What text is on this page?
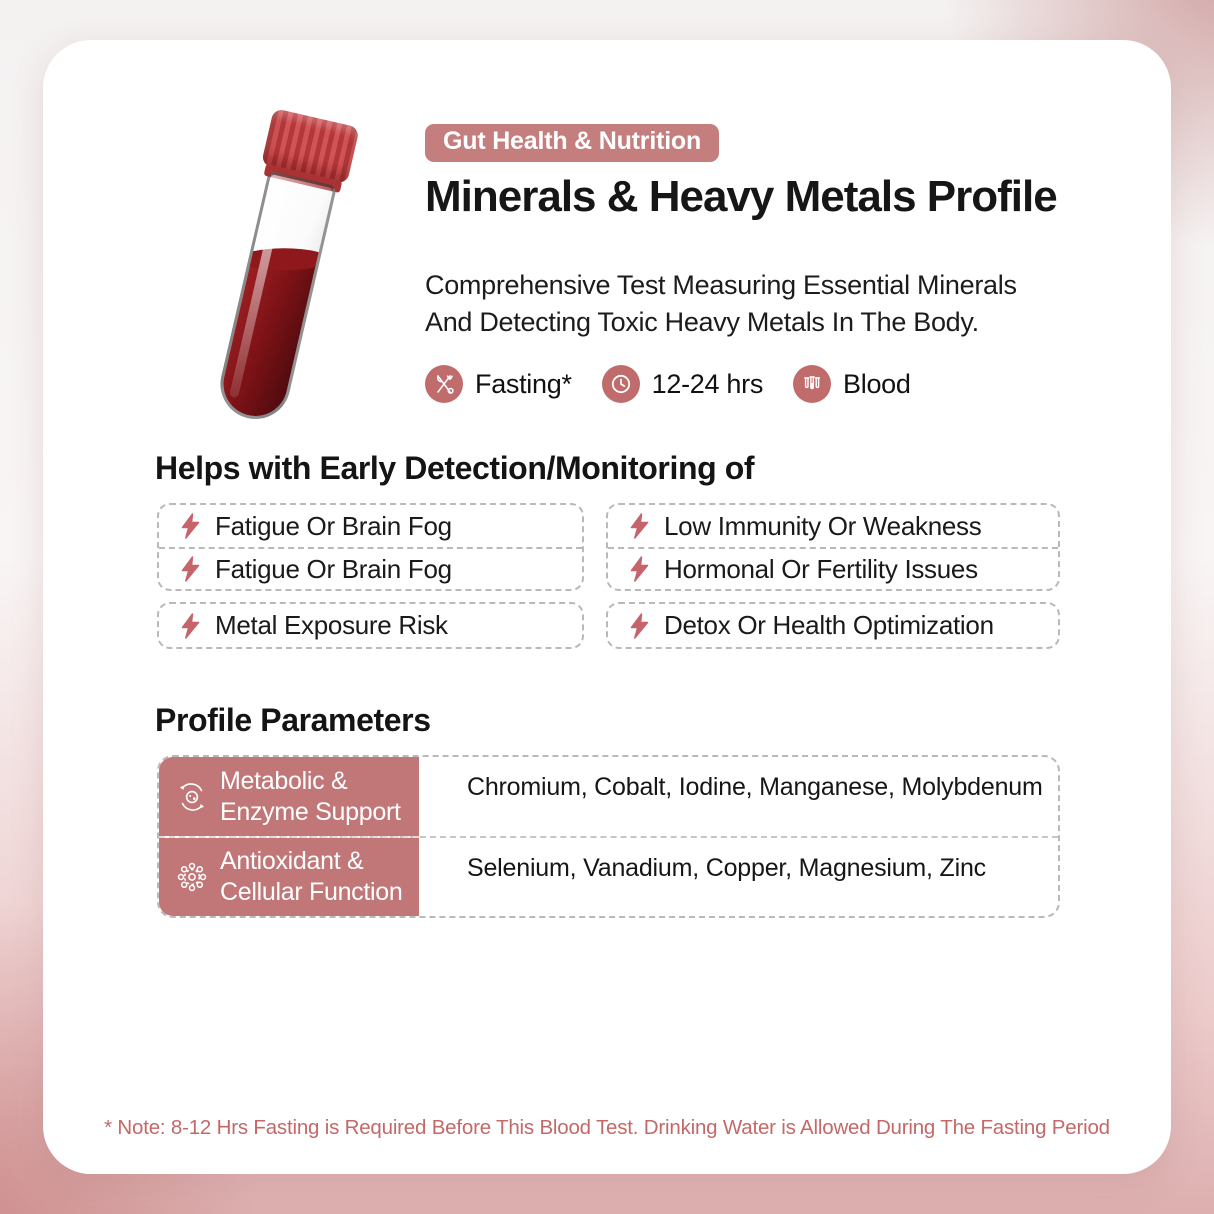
Gut Health & Nutrition
Minerals & Heavy Metals Profile
Comprehensive Test Measuring Essential Minerals
And Detecting Toxic Heavy Metals In The Body.
Fasting*	12-24 hrs	Blood
Helps with Early Detection/Monitoring of
Fatigue Or Brain Fog
Fatigue Or Brain Fog
Metal Exposure Risk
Low Immunity Or Weakness
Hormonal Or Fertility Issues
Detox Or Health Optimization
Profile Parameters
Metabolic &
Enzyme Support
Chromium, Cobalt, Iodine, Manganese, Molybdenum
Antioxidant &
Cellular Function
Selenium, Vanadium, Copper, Magnesium, Zinc
* Note: 8-12 Hrs Fasting is Required Before This Blood Test. Drinking Water is Allowed During The Fasting Period
